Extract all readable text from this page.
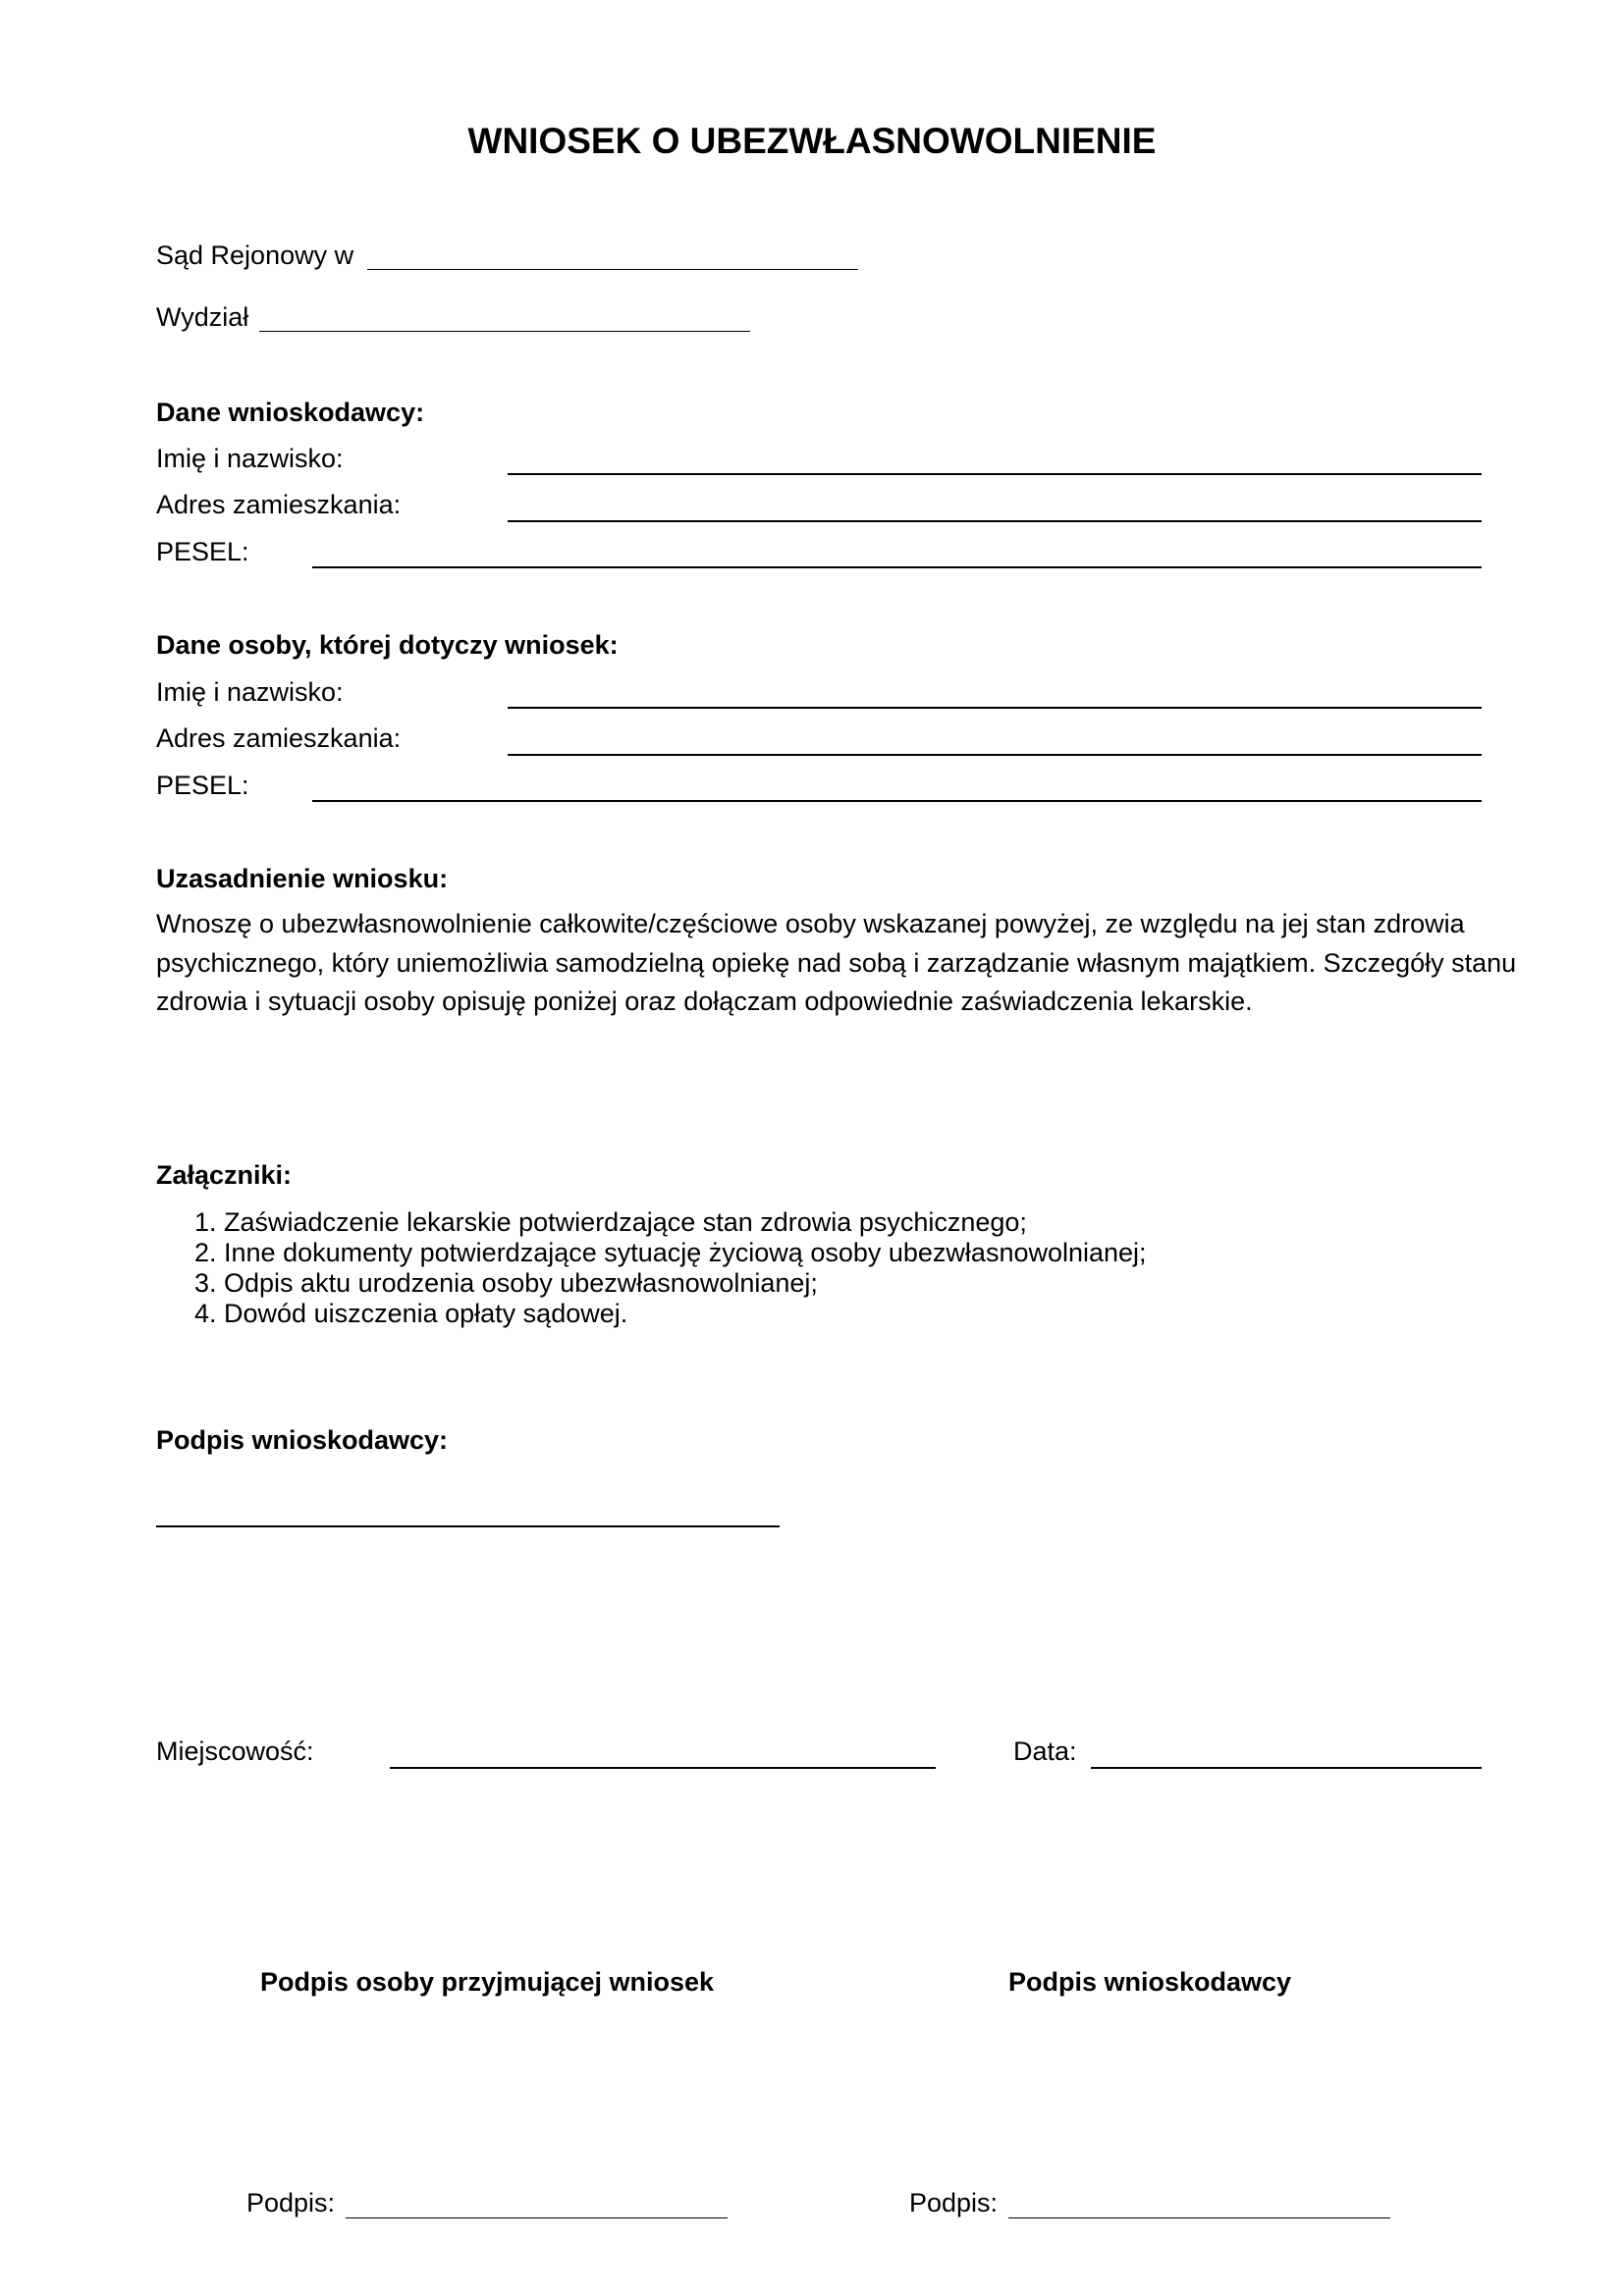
WNIOSEK O UBEZWŁASNOWOLNIENIE
Sąd Rejonowy w
Wydział
Dane wnioskodawcy:
Imię i nazwisko:
Adres zamieszkania:
PESEL:
Dane osoby, której dotyczy wniosek:
Imię i nazwisko:
Adres zamieszkania:
PESEL:
Uzasadnienie wniosku:
Wnoszę o ubezwłasnowolnienie całkowite/częściowe osoby wskazanej powyżej, ze względu na jej stan zdrowia psychicznego, który uniemożliwia samodzielną opiekę nad sobą i zarządzanie własnym majątkiem. Szczegóły stanu zdrowia i sytuacji osoby opisuję poniżej oraz dołączam odpowiednie zaświadczenia lekarskie.
Załączniki:
1. Zaświadczenie lekarskie potwierdzające stan zdrowia psychicznego;
2. Inne dokumenty potwierdzające sytuację życiową osoby ubezwłasnowolnianej;
3. Odpis aktu urodzenia osoby ubezwłasnowolnianej;
4. Dowód uiszczenia opłaty sądowej.
Podpis wnioskodawcy:
Miejscowość:	Data:
Podpis osoby przyjmującej wniosek	Podpis wnioskodawcy
Podpis:	Podpis:
